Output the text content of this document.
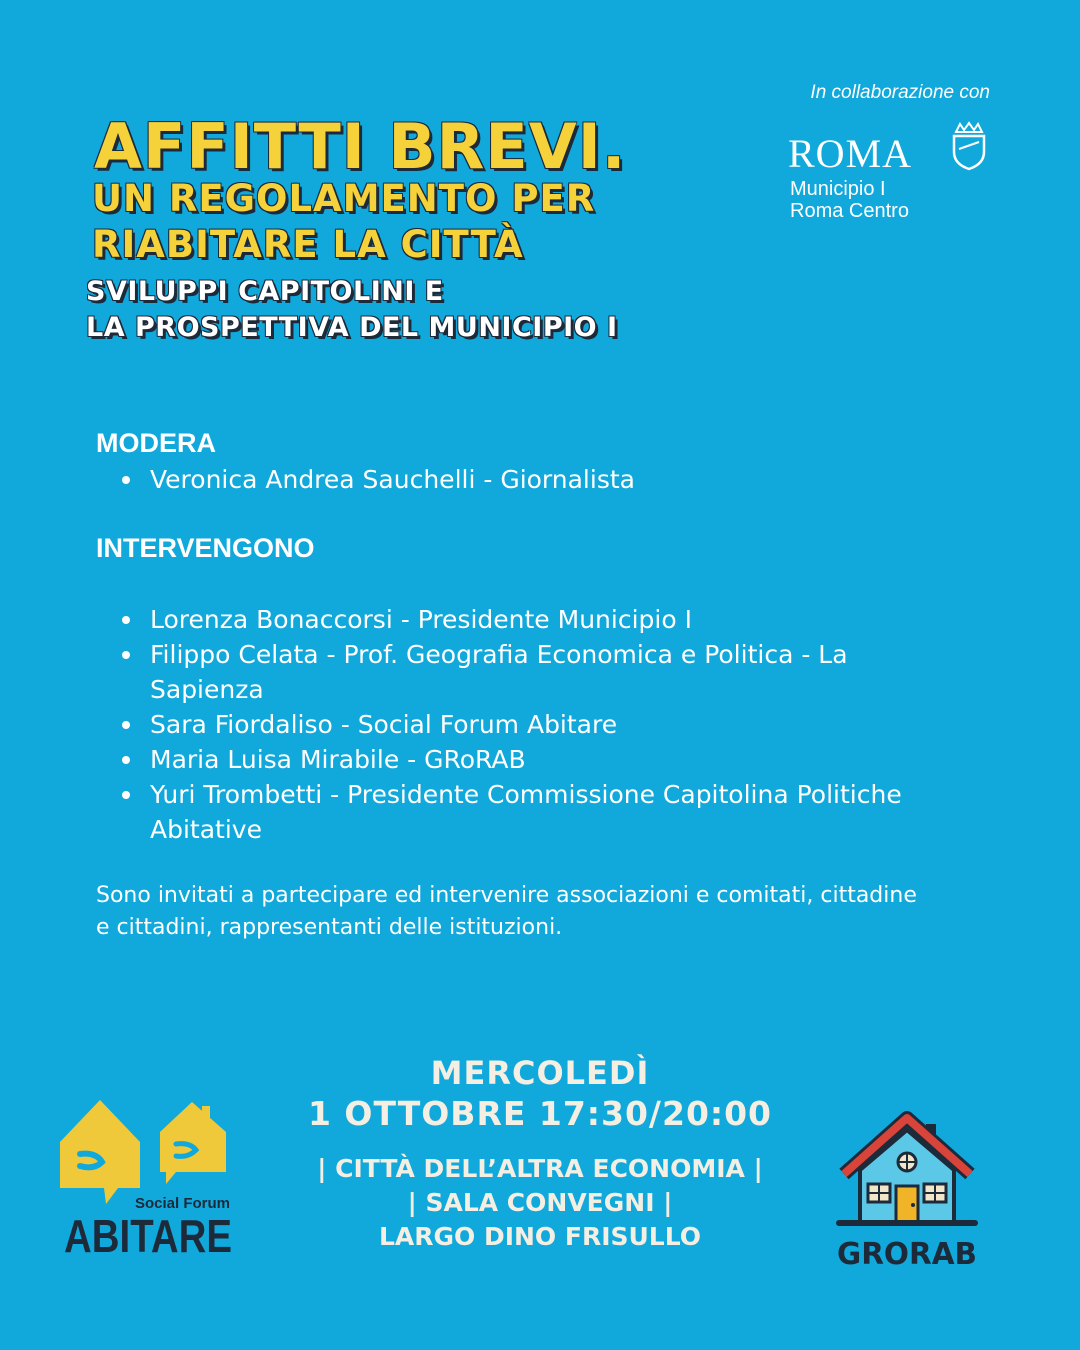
In collaborazione con
ROMA
Municipio I
Roma Centro
AFFITTI BREVI.
UN REGOLAMENTO PER
RIABITARE LA CITTÀ
SVILUPPI CAPITOLINI E
LA PROSPETTIVA DEL MUNICIPIO I
MODERA
Veronica Andrea Sauchelli - Giornalista
INTERVENGONO
Lorenza Bonaccorsi - Presidente Municipio I
Filippo Celata - Prof. Geografia Economica e Politica - La Sapienza
Sara Fiordaliso - Social Forum Abitare
Maria Luisa Mirabile - GRoRAB
Yuri Trombetti - Presidente Commissione Capitolina Politiche Abitative
Sono invitati a partecipare ed intervenire associazioni e comitati, cittadine e cittadini, rappresentanti delle istituzioni.
MERCOLEDÌ
1 OTTOBRE 17:30/20:00
| CITTÀ DELL’ALTRA ECONOMIA |
| SALA CONVEGNI |
LARGO DINO FRISULLO
Social Forum
ABITARE	GRORAB
